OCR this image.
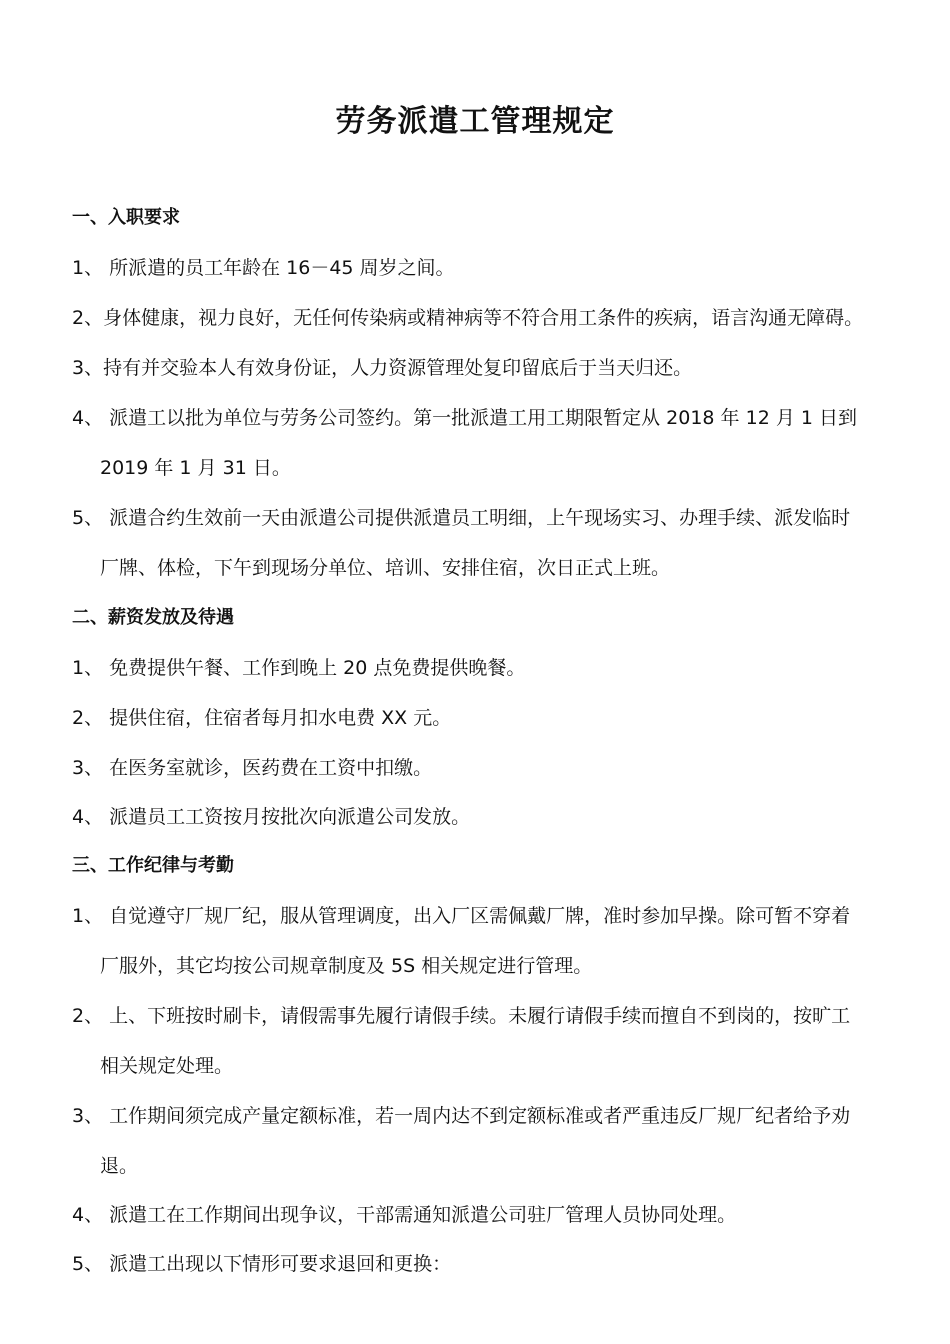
劳务派遣工管理规定
一、入职要求
1、 所派遣的员工年龄在 16－45 周岁之间。
2、身体健康，视力良好，无任何传染病或精神病等不符合用工条件的疾病，语言沟通无障碍。
3、持有并交验本人有效身份证，人力资源管理处复印留底后于当天归还。
4、 派遣工以批为单位与劳务公司签约。第一批派遣工用工期限暂定从 2018 年 12 月 1 日到
2019 年 1 月 31 日。
5、 派遣合约生效前一天由派遣公司提供派遣员工明细，上午现场实习、办理手续、派发临时
厂牌、体检，下午到现场分单位、培训、安排住宿，次日正式上班。
二、薪资发放及待遇
1、 免费提供午餐、工作到晚上 20 点免费提供晚餐。
2、 提供住宿，住宿者每月扣水电费 XX 元。
3、 在医务室就诊，医药费在工资中扣缴。
4、 派遣员工工资按月按批次向派遣公司发放。
三、工作纪律与考勤
1、 自觉遵守厂规厂纪，服从管理调度，出入厂区需佩戴厂牌，准时参加早操。除可暂不穿着
厂服外，其它均按公司规章制度及 5S 相关规定进行管理。
2、 上、下班按时刷卡，请假需事先履行请假手续。未履行请假手续而擅自不到岗的，按旷工
相关规定处理。
3、 工作期间须完成产量定额标准，若一周内达不到定额标准或者严重违反厂规厂纪者给予劝
退。
4、 派遣工在工作期间出现争议，干部需通知派遣公司驻厂管理人员协同处理。
5、 派遣工出现以下情形可要求退回和更换：
